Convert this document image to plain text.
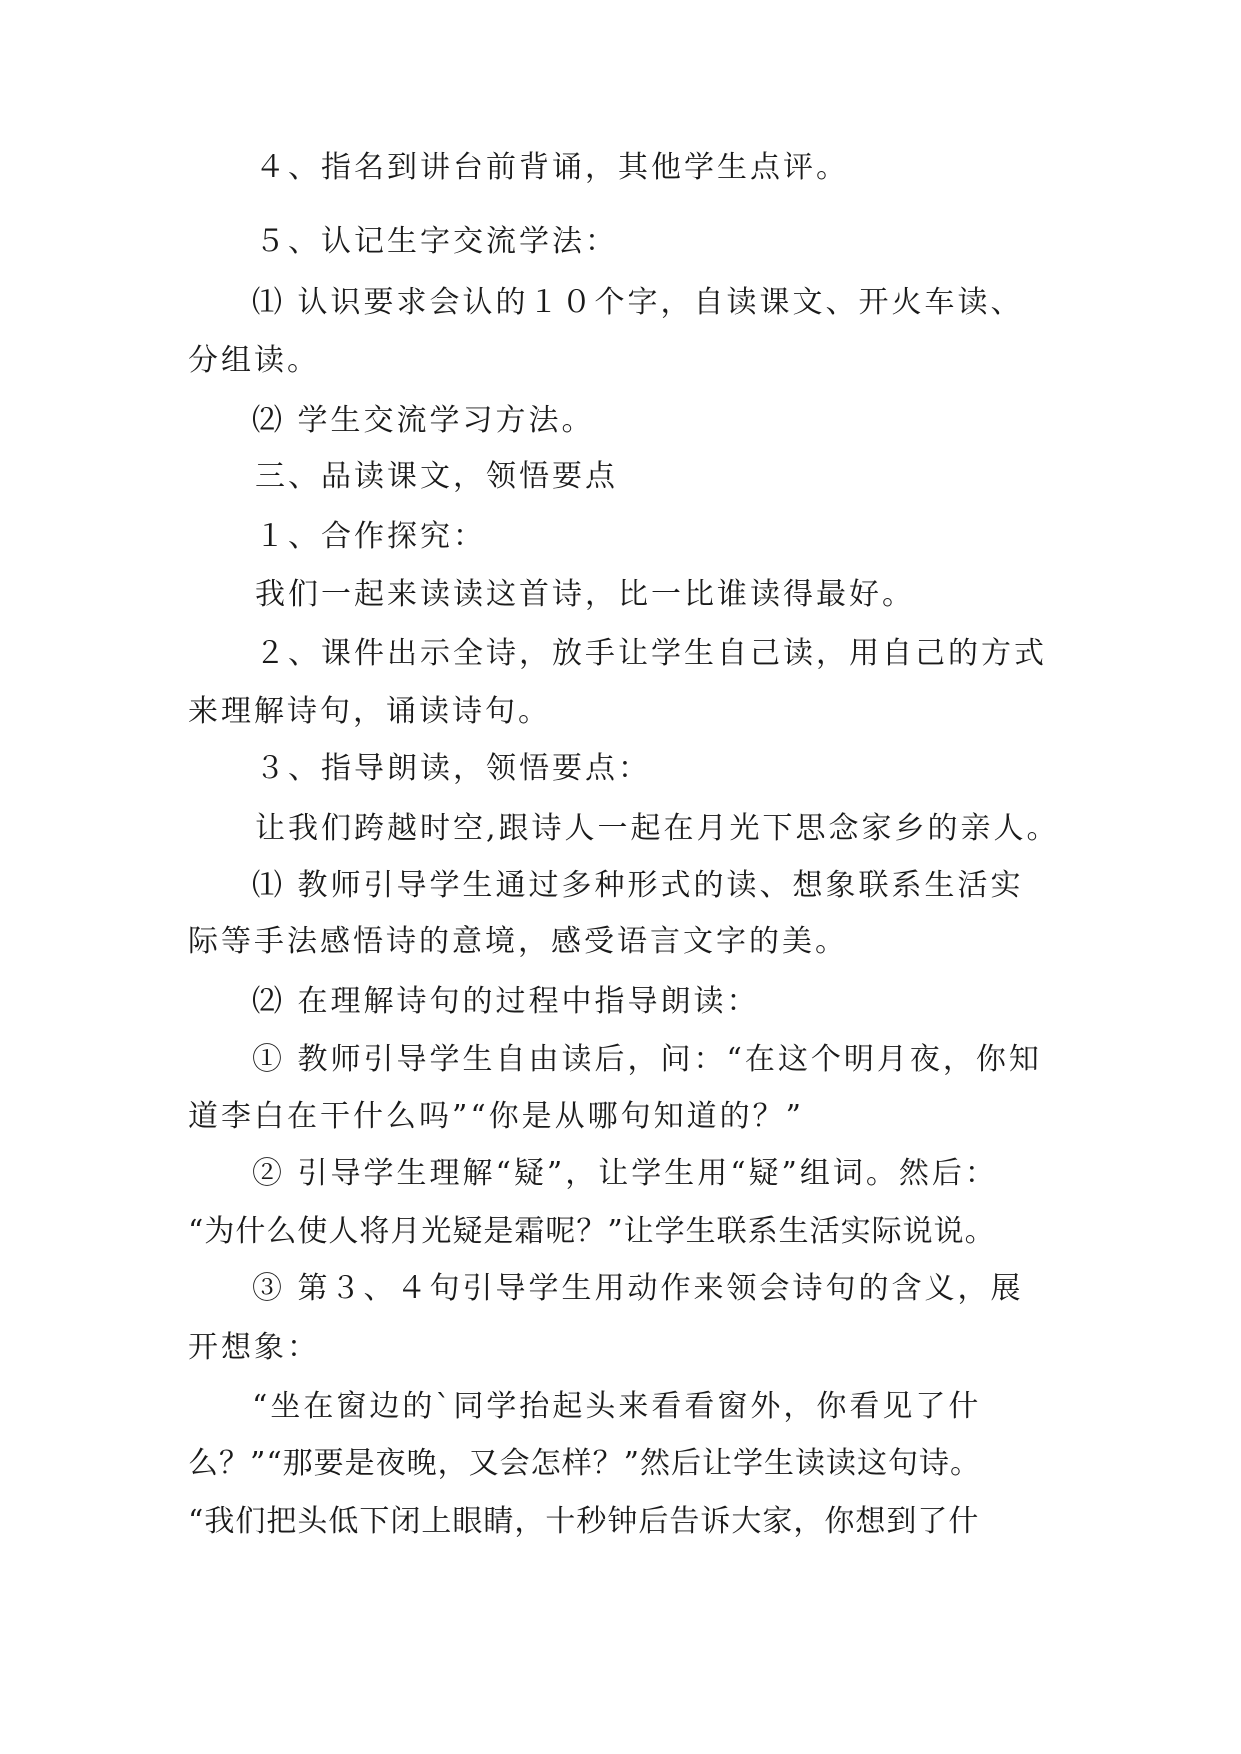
４、指名到讲台前背诵，其他学生点评。
５、认记生字交流学法：
⑴ 认识要求会认的１０个字，自读课文、开火车读、
分组读。
⑵ 学生交流学习方法。
三、品读课文，领悟要点
１、合作探究：
我们一起来读读这首诗，比一比谁读得最好。
２、课件出示全诗，放手让学生自己读，用自己的方式
来理解诗句，诵读诗句。
３、指导朗读，领悟要点：
让我们跨越时空,跟诗人一起在月光下思念家乡的亲人。
⑴ 教师引导学生通过多种形式的读、想象联系生活实
际等手法感悟诗的意境，感受语言文字的美。
⑵ 在理解诗句的过程中指导朗读：
① 教师引导学生自由读后，问：“在这个明月夜，你知
道李白在干什么吗”“你是从哪句知道的？”
② 引导学生理解“疑”，让学生用“疑”组词。然后：
“为什么使人将月光疑是霜呢？”让学生联系生活实际说说。
③ 第３、４句引导学生用动作来领会诗句的含义，展
开想象：
“坐在窗边的`同学抬起头来看看窗外，你看见了什
么？”“那要是夜晚，又会怎样？”然后让学生读读这句诗。
“我们把头低下闭上眼睛，十秒钟后告诉大家，你想到了什
